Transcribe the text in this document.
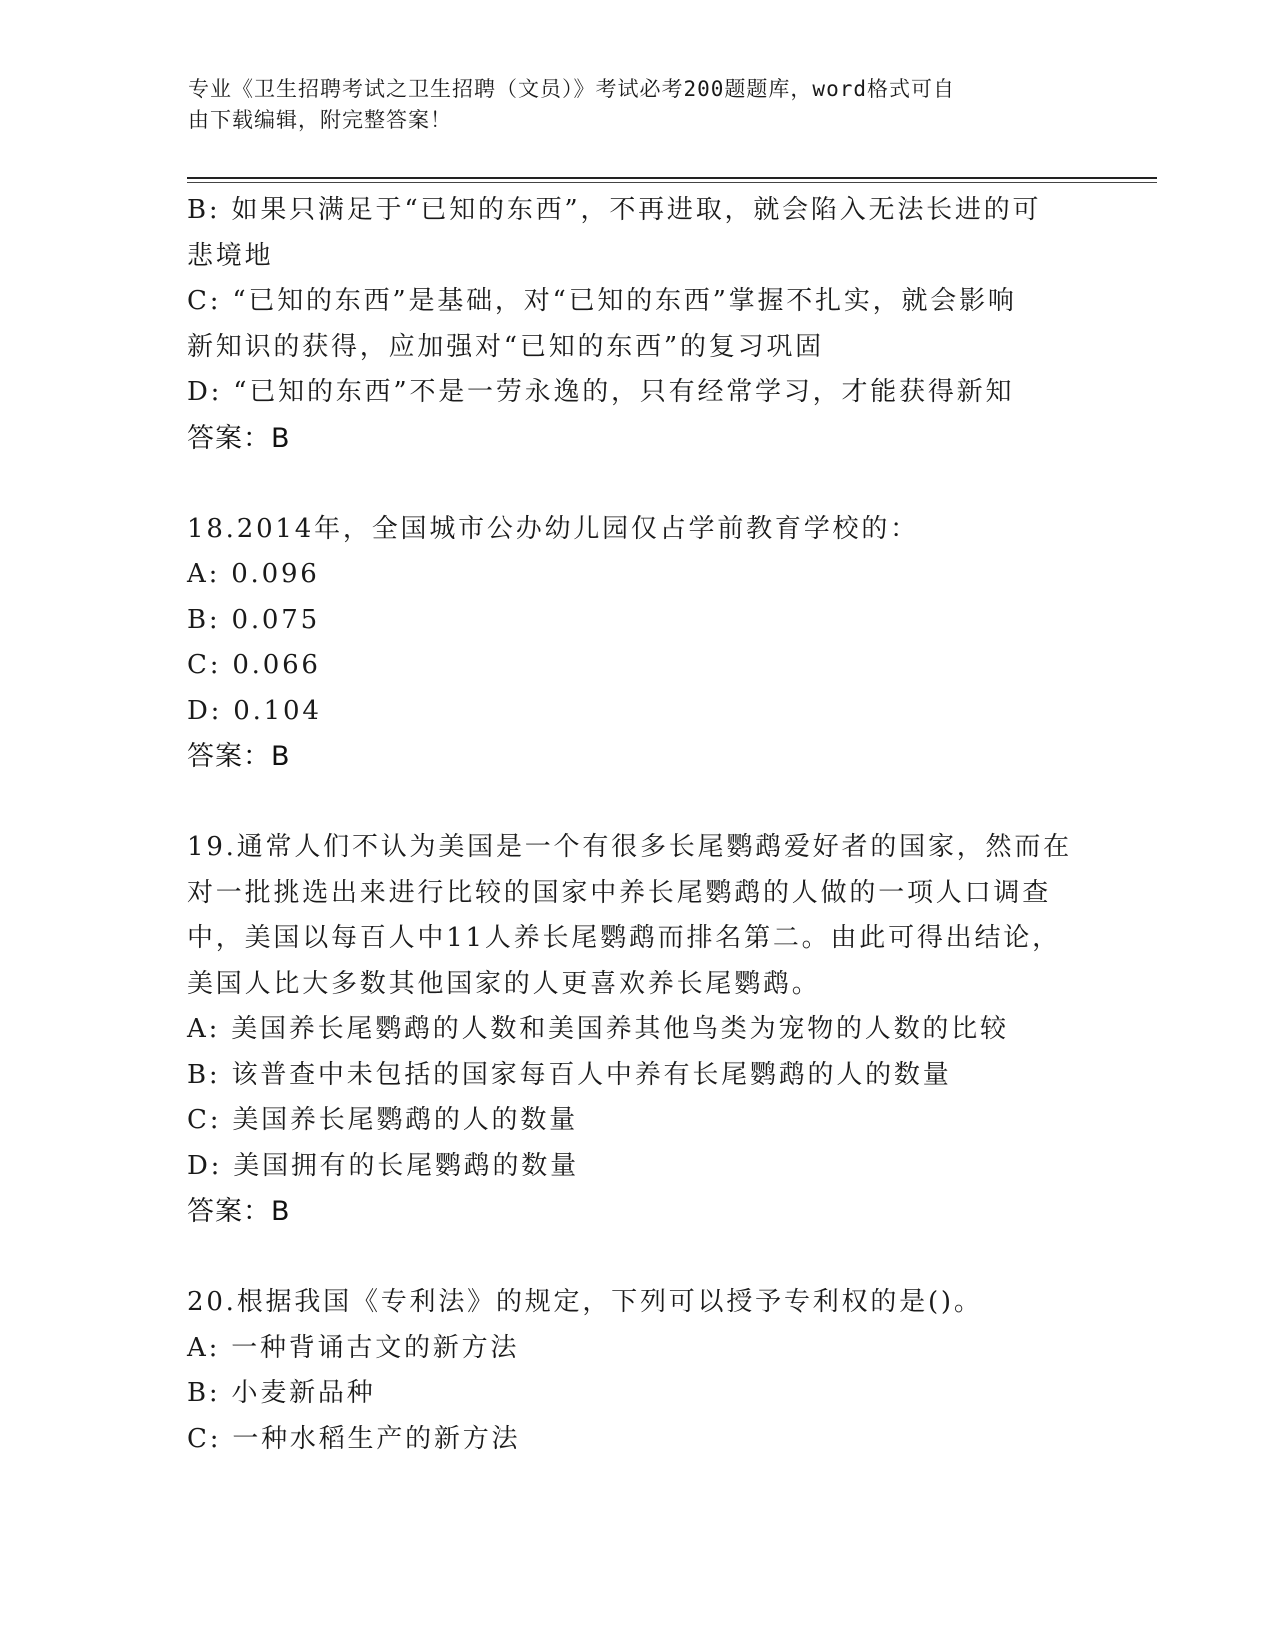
专业《卫生招聘考试之卫生招聘（文员）》考试必考200题题库，word格式可自
由下载编辑，附完整答案！
B: 如果只满足于“已知的东西”，不再进取，就会陷入无法长进的可
悲境地
C: “已知的东西”是基础，对“已知的东西”掌握不扎实，就会影响
新知识的获得，应加强对“已知的东西”的复习巩固
D: “已知的东西”不是一劳永逸的，只有经常学习，才能获得新知
答案：B
18.2014年，全国城市公办幼儿园仅占学前教育学校的：
A: 0.096
B: 0.075
C: 0.066
D: 0.104
答案：B
19.通常人们不认为美国是一个有很多长尾鹦鹉爱好者的国家，然而在
对一批挑选出来进行比较的国家中养长尾鹦鹉的人做的一项人口调查
中，美国以每百人中11人养长尾鹦鹉而排名第二。由此可得出结论，
美国人比大多数其他国家的人更喜欢养长尾鹦鹉。
A: 美国养长尾鹦鹉的人数和美国养其他鸟类为宠物的人数的比较
B: 该普查中未包括的国家每百人中养有长尾鹦鹉的人的数量
C: 美国养长尾鹦鹉的人的数量
D: 美国拥有的长尾鹦鹉的数量
答案：B
20.根据我国《专利法》的规定，下列可以授予专利权的是()。
A: 一种背诵古文的新方法
B: 小麦新品种
C: 一种水稻生产的新方法
